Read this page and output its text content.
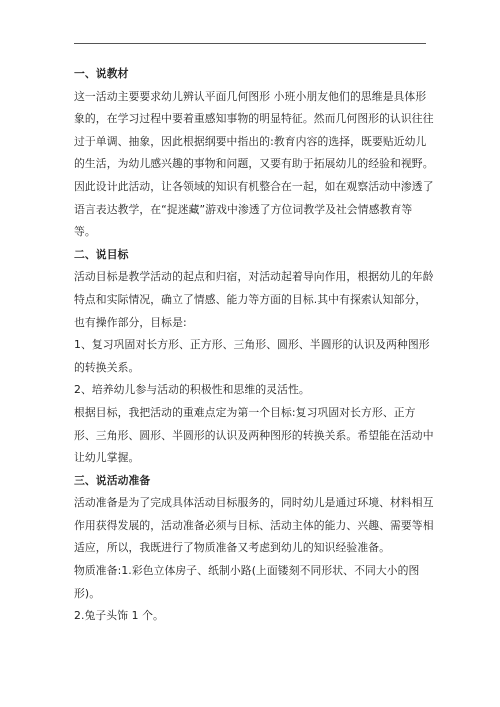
一、说教材

这一活动主要要求幼儿辨认平面几何图形 小班小朋友他们的思维是具体形象的，在学习过程中要着重感知事物的明显特征。然而几何图形的认识往往过于单调、抽象，因此根据纲要中指出的:教育内容的选择，既要贴近幼儿的生活，为幼儿感兴趣的事物和问题，又要有助于拓展幼儿的经验和视野。因此设计此活动，让各领域的知识有机整合在一起，如在观察活动中渗透了语言表达教学，在“捉迷藏”游戏中渗透了方位词教学及社会情感教育等等。

二、说目标

活动目标是教学活动的起点和归宿，对活动起着导向作用，根据幼儿的年龄特点和实际情况，确立了情感、能力等方面的目标.其中有探索认知部分，也有操作部分，目标是:

1、复习巩固对长方形、正方形、三角形、圆形、半圆形的认识及两种图形的转换关系。

2、培养幼儿参与活动的积极性和思维的灵活性。

根据目标，我把活动的重难点定为第一个目标:复习巩固对长方形、正方形、三角形、圆形、半圆形的认识及两种图形的转换关系。希望能在活动中让幼儿掌握。

三、说活动准备

活动准备是为了完成具体活动目标服务的，同时幼儿是通过环境、材料相互作用获得发展的，活动准备必须与目标、活动主体的能力、兴趣、需要等相适应，所以，我既进行了物质准备又考虑到幼儿的知识经验准备。

物质准备:1.彩色立体房子、纸制小路(上面镂刻不同形状、不同大小的图形)。

2.兔子头饰 1 个。
